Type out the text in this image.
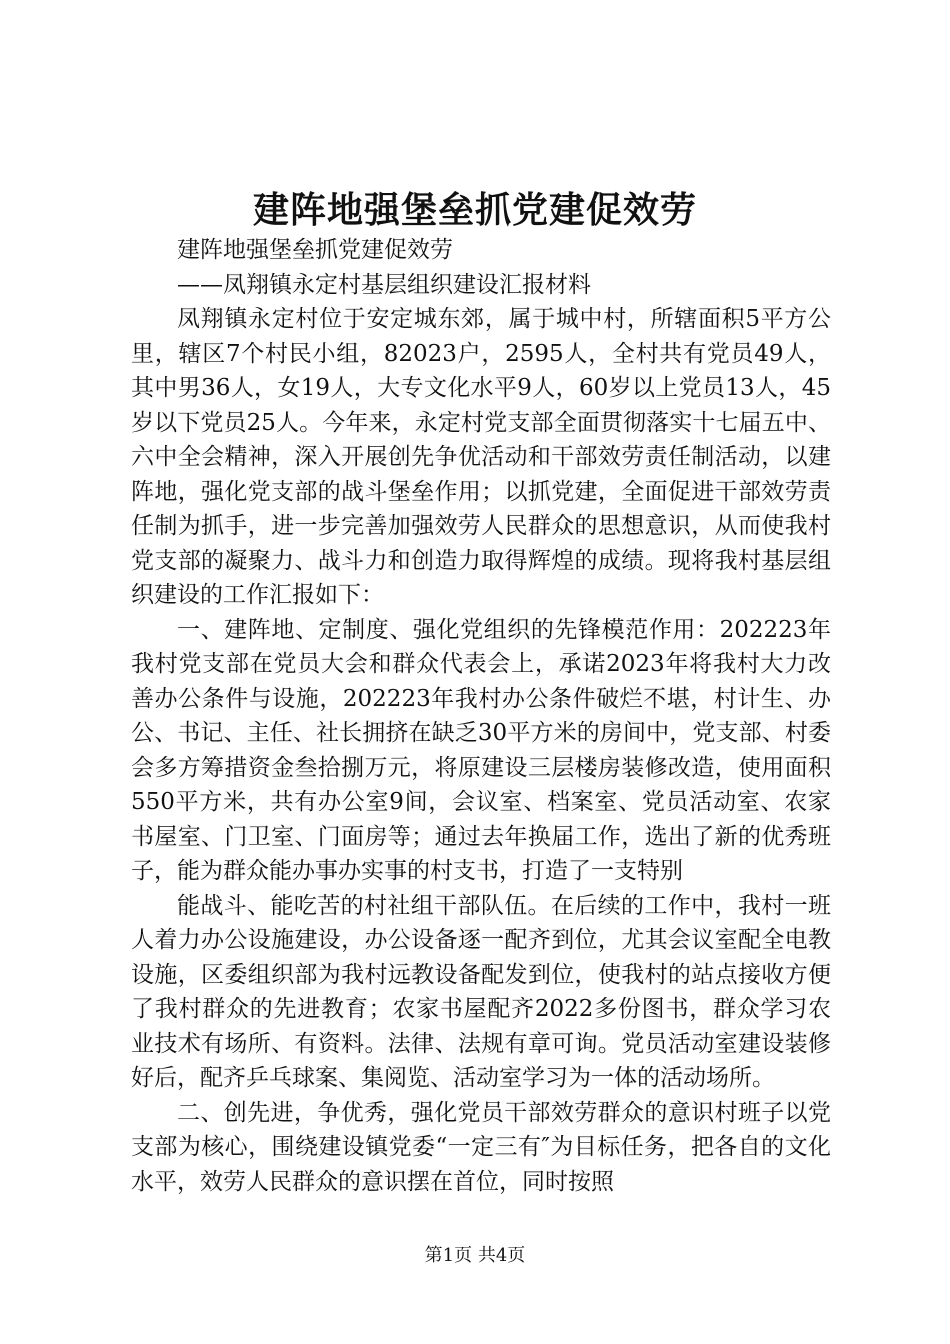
建阵地强堡垒抓党建促效劳

建阵地强堡垒抓党建促效劳

——凤翔镇永定村基层组织建设汇报材料

凤翔镇永定村位于安定城东郊，属于城中村，所辖面积5平方公里，辖区7个村民小组，82023户，2595人，全村共有党员49人，其中男36人，女19人，大专文化水平9人，60岁以上党员13人，45岁以下党员25人。今年来，永定村党支部全面贯彻落实十七届五中、六中全会精神，深入开展创先争优活动和干部效劳责任制活动，以建阵地，强化党支部的战斗堡垒作用；以抓党建，全面促进干部效劳责任制为抓手，进一步完善加强效劳人民群众的思想意识，从而使我村党支部的凝聚力、战斗力和创造力取得辉煌的成绩。现将我村基层组织建设的工作汇报如下：

一、建阵地、定制度、强化党组织的先锋模范作用：202223年我村党支部在党员大会和群众代表会上，承诺2023年将我村大力改善办公条件与设施，202223年我村办公条件破烂不堪，村计生、办公、书记、主任、社长拥挤在缺乏30平方米的房间中，党支部、村委会多方筹措资金叁拾捌万元，将原建设三层楼房装修改造，使用面积550平方米，共有办公室9间，会议室、档案室、党员活动室、农家书屋室、门卫室、门面房等；通过去年换届工作，选出了新的优秀班子，能为群众能办事办实事的村支书，打造了一支特别

能战斗、能吃苦的村社组干部队伍。在后续的工作中，我村一班人着力办公设施建设，办公设备逐一配齐到位，尤其会议室配全电教设施，区委组织部为我村远教设备配发到位，使我村的站点接收方便了我村群众的先进教育；农家书屋配齐2022多份图书，群众学习农业技术有场所、有资料。法律、法规有章可询。党员活动室建设装修好后，配齐乒乓球案、集阅览、活动室学习为一体的活动场所。

二、创先进，争优秀，强化党员干部效劳群众的意识村班子以党支部为核心，围绕建设镇党委“一定三有″为目标任务，把各自的文化水平，效劳人民群众的意识摆在首位，同时按照

第1页 共4页
